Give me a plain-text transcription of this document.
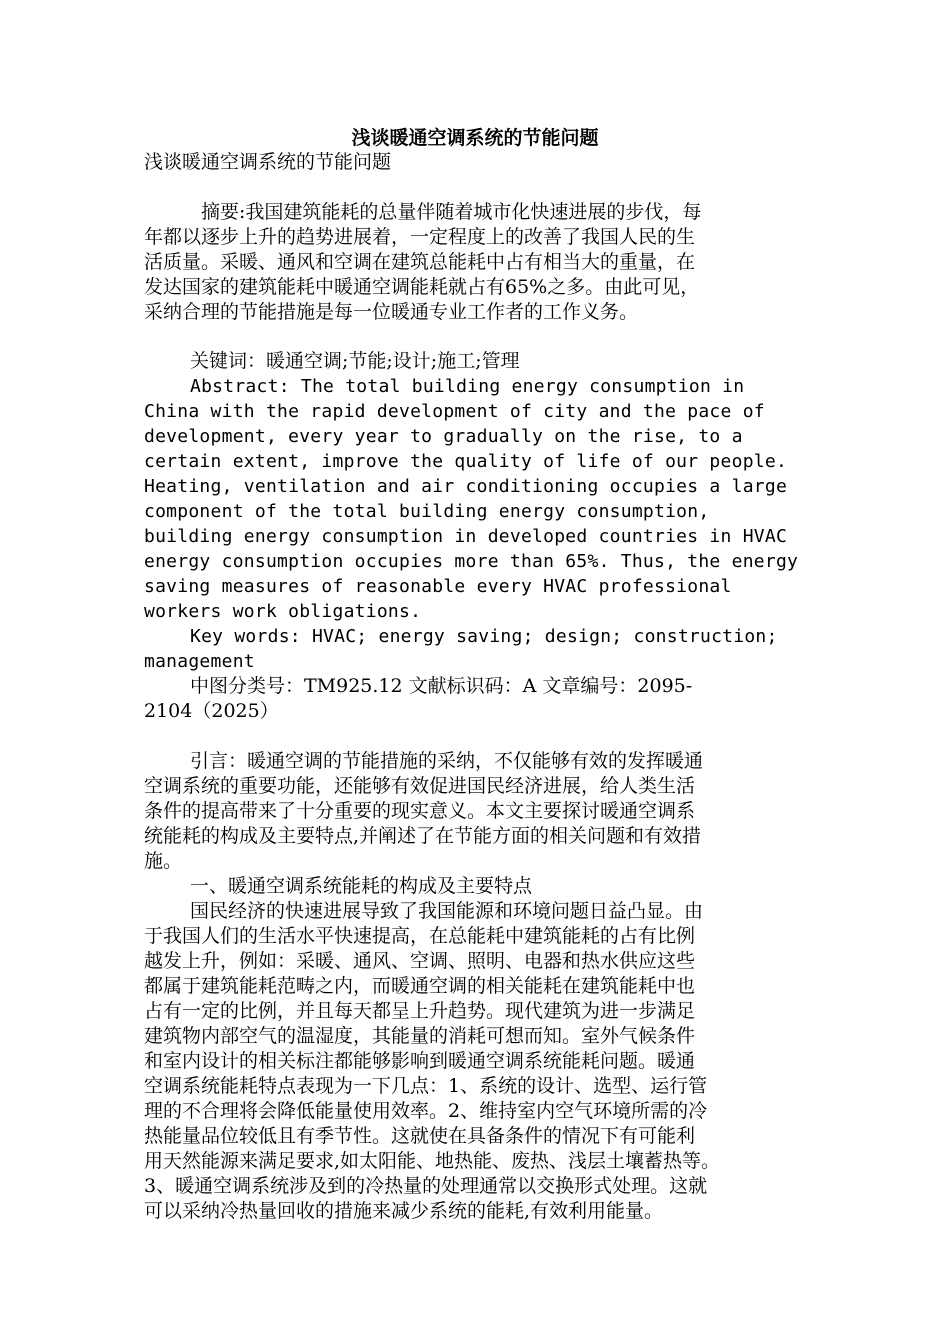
浅谈暖通空调系统的节能问题

浅谈暖通空调系统的节能问题

摘要:我国建筑能耗的总量伴随着城市化快速进展的步伐，每

年都以逐步上升的趋势进展着，一定程度上的改善了我国人民的生

活质量。采暖、通风和空调在建筑总能耗中占有相当大的重量，在

发达国家的建筑能耗中暖通空调能耗就占有65%之多。由此可见，

采纳合理的节能措施是每一位暖通专业工作者的工作义务。

关键词：暖通空调;节能;设计;施工;管理

Abstract: The total building energy consumption in

China with the rapid development of city and the pace of

development, every year to gradually on the rise, to a

certain extent, improve the quality of life of our people.

Heating, ventilation and air conditioning occupies a large

component of the total building energy consumption,

building energy consumption in developed countries in HVAC

energy consumption occupies more than 65%. Thus, the energy

saving measures of reasonable every HVAC professional

workers work obligations.

Key words: HVAC; energy saving; design; construction;

management

中图分类号：TM925.12 文献标识码：A 文章编号：2095-

2104（2025）

引言：暖通空调的节能措施的采纳，不仅能够有效的发挥暖通

空调系统的重要功能，还能够有效促进国民经济进展，给人类生活

条件的提高带来了十分重要的现实意义。本文主要探讨暖通空调系

统能耗的构成及主要特点,并阐述了在节能方面的相关问题和有效措

施。

一、暖通空调系统能耗的构成及主要特点

国民经济的快速进展导致了我国能源和环境问题日益凸显。由

于我国人们的生活水平快速提高，在总能耗中建筑能耗的占有比例

越发上升，例如：采暖、通风、空调、照明、电器和热水供应这些

都属于建筑能耗范畴之内，而暖通空调的相关能耗在建筑能耗中也

占有一定的比例，并且每天都呈上升趋势。现代建筑为进一步满足

建筑物内部空气的温湿度，其能量的消耗可想而知。室外气候条件

和室内设计的相关标注都能够影响到暖通空调系统能耗问题。暖通

空调系统能耗特点表现为一下几点：1、系统的设计、选型、运行管

理的不合理将会降低能量使用效率。2、维持室内空气环境所需的冷

热能量品位较低且有季节性。这就使在具备条件的情况下有可能利

用天然能源来满足要求,如太阳能、地热能、废热、浅层土壤蓄热等。

3、暖通空调系统涉及到的冷热量的处理通常以交换形式处理。这就

可以采纳冷热量回收的措施来减少系统的能耗,有效利用能量。
